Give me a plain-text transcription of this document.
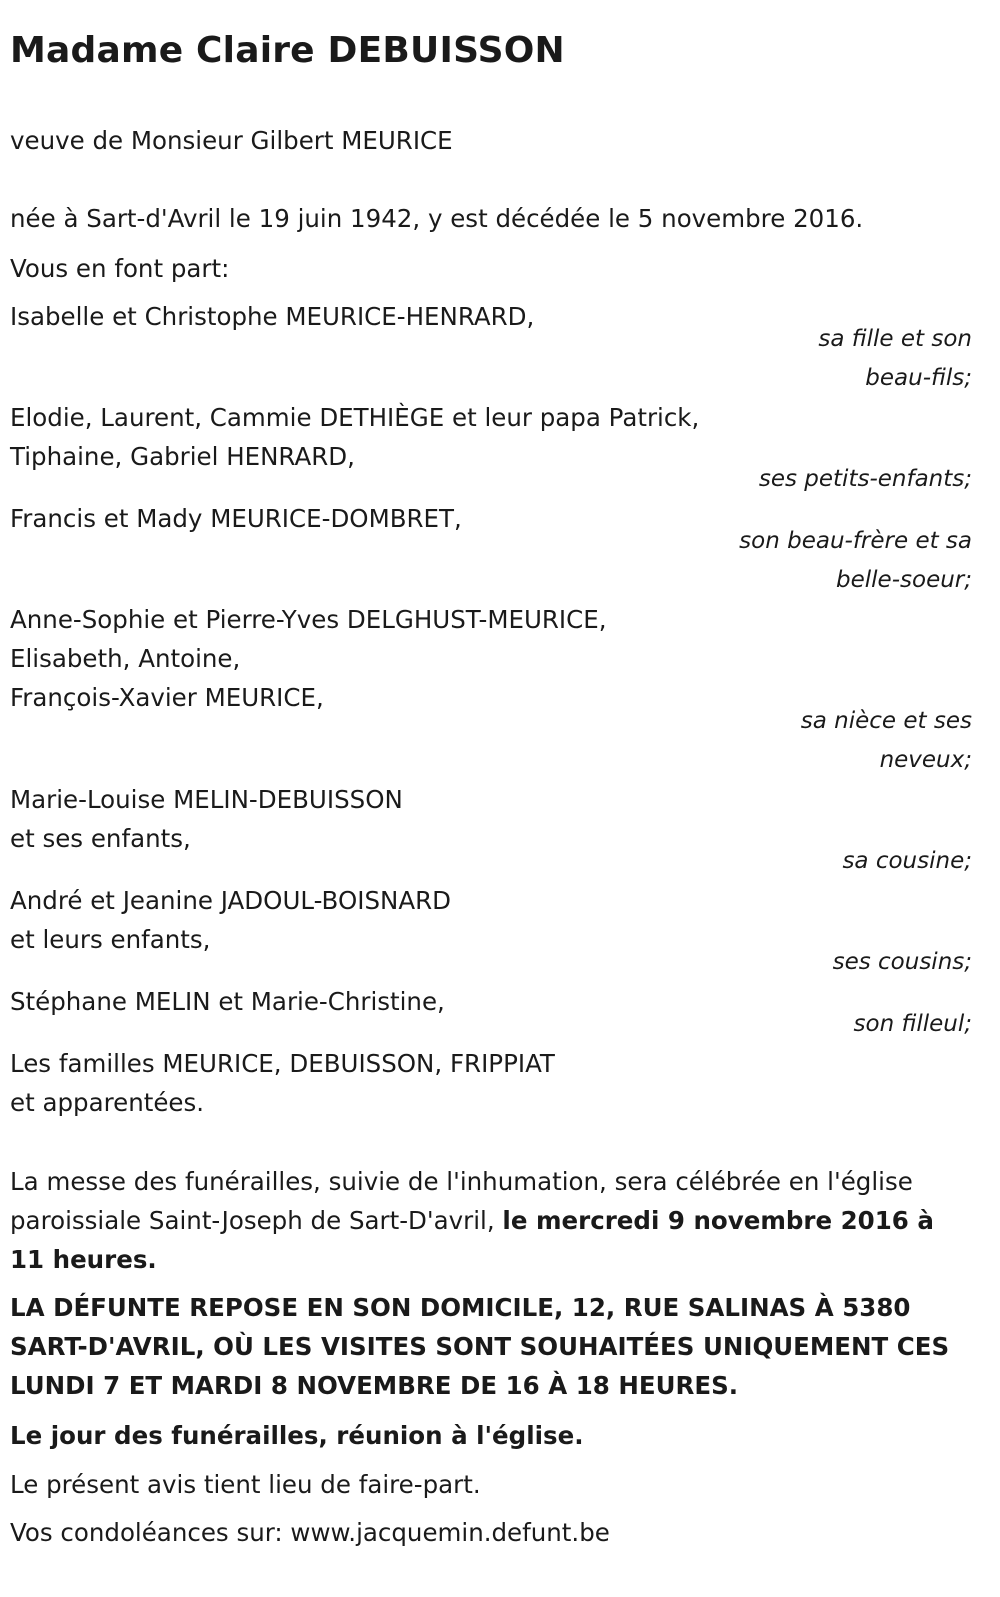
Madame Claire DEBUISSON
veuve de Monsieur Gilbert MEURICE
née à Sart-d'Avril le 19 juin 1942, y est décédée le 5 novembre 2016.
Vous en font part:
Isabelle et Christophe MEURICE-HENRARD,
sa fille et son
beau-fils;
Elodie, Laurent, Cammie DETHIÈGE et leur papa Patrick,
Tiphaine, Gabriel HENRARD,
ses petits-enfants;
Francis et Mady MEURICE-DOMBRET,
son beau-frère et sa
belle-soeur;
Anne-Sophie et Pierre-Yves DELGHUST-MEURICE,
Elisabeth, Antoine,
François-Xavier MEURICE,
sa nièce et ses
neveux;
Marie-Louise MELIN-DEBUISSON
et ses enfants,
sa cousine;
André et Jeanine JADOUL-BOISNARD
et leurs enfants,
ses cousins;
Stéphane MELIN et Marie-Christine,
son filleul;
Les familles MEURICE, DEBUISSON, FRIPPIAT
et apparentées.
La messe des funérailles, suivie de l'inhumation, sera célébrée en l'église paroissiale Saint-Joseph de Sart-D'avril, le mercredi 9 novembre 2016 à 11 heures.
LA DÉFUNTE REPOSE EN SON DOMICILE, 12, RUE SALINAS À 5380 SART-D'AVRIL, OÙ LES VISITES SONT SOUHAITÉES UNIQUEMENT CES LUNDI 7 ET MARDI 8 NOVEMBRE DE 16 À 18 HEURES.
Le jour des funérailles, réunion à l'église.
Le présent avis tient lieu de faire-part.
Vos condoléances sur: www.jacquemin.defunt.be
